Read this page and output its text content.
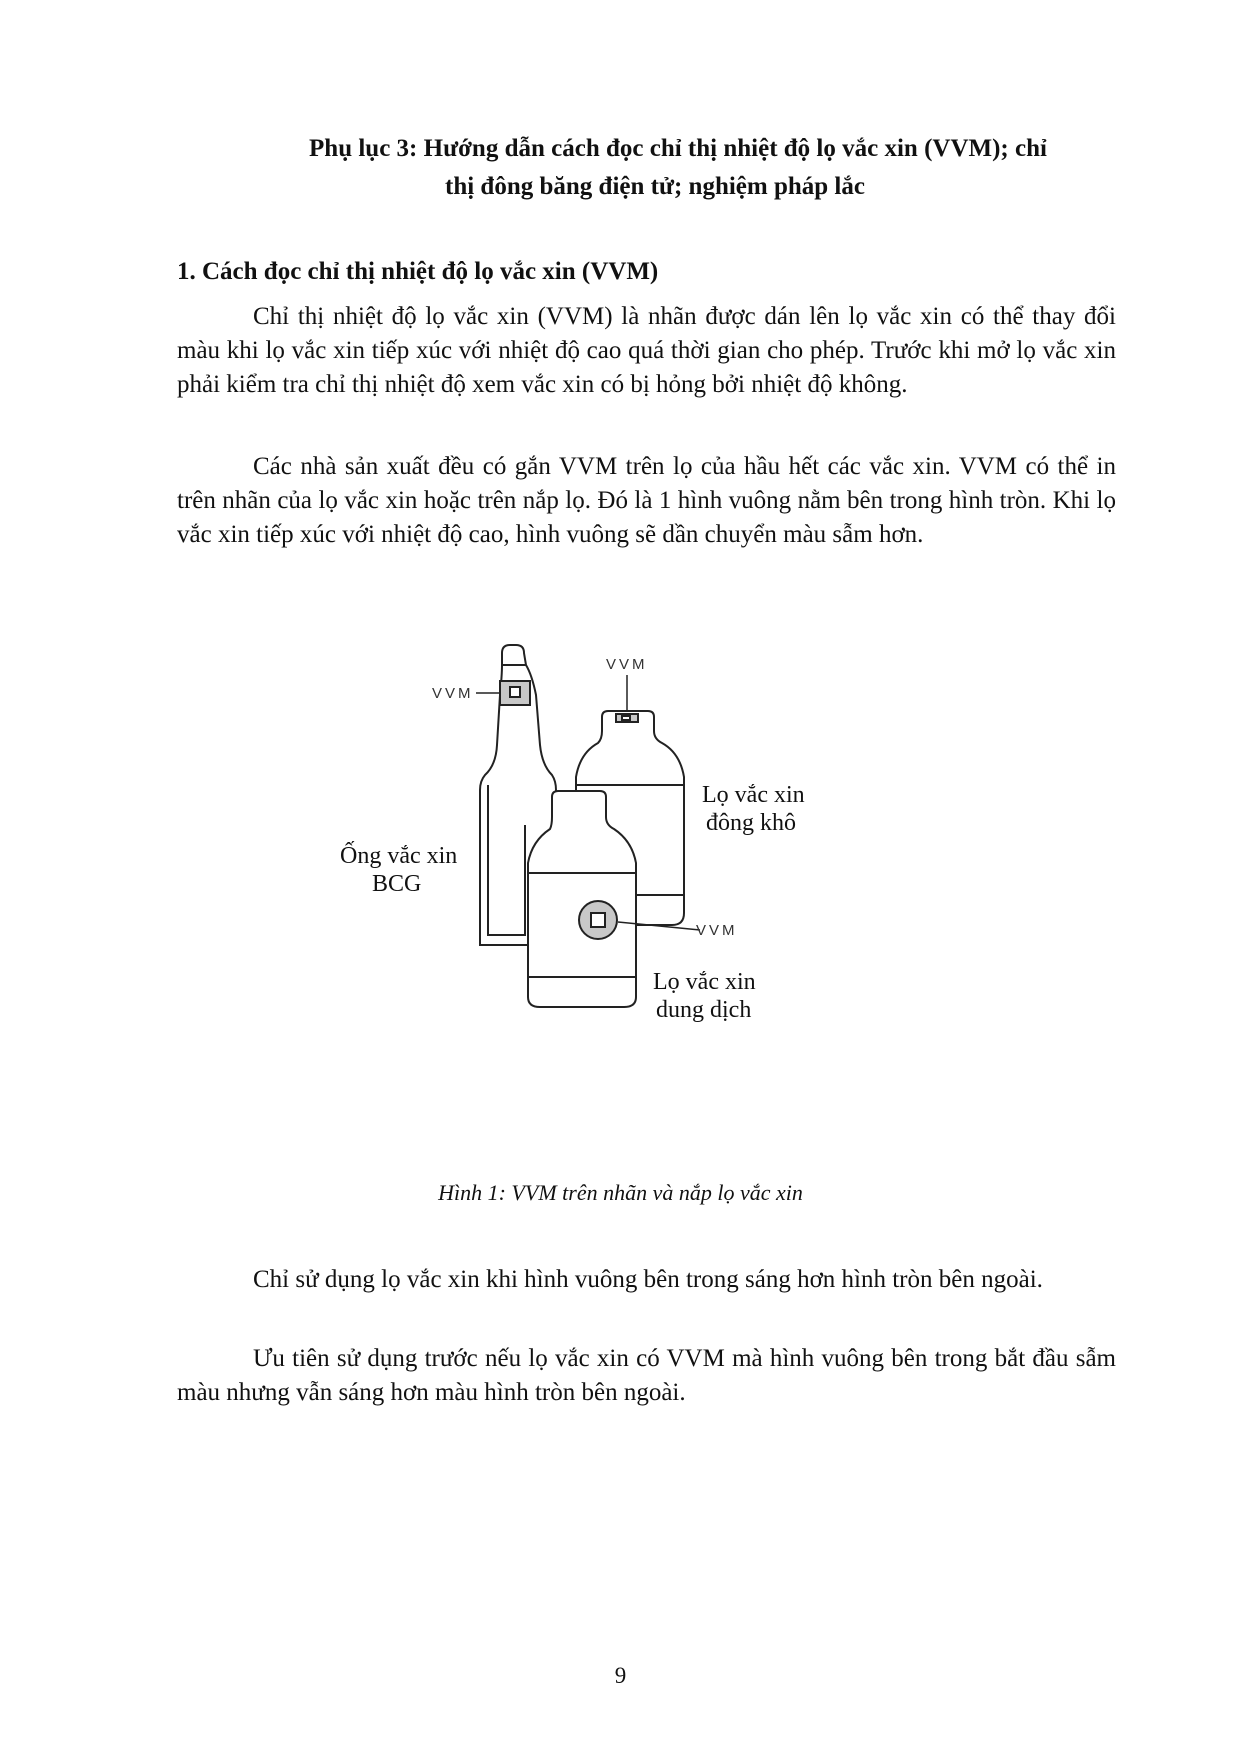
Phụ lục 3: Hướng dẫn cách đọc chỉ thị nhiệt độ lọ vắc xin (VVM); chỉ
thị đông băng điện tử; nghiệm pháp lắc
1. Cách đọc chỉ thị nhiệt độ lọ vắc xin (VVM)

Chỉ thị nhiệt độ lọ vắc xin (VVM) là nhãn được dán lên lọ vắc xin có thể thay đổi màu khi lọ vắc xin tiếp xúc với nhiệt độ cao quá thời gian cho phép. Trước khi mở lọ vắc xin phải kiểm tra chỉ thị nhiệt độ xem vắc xin có bị hỏng bởi nhiệt độ không.

Các nhà sản xuất đều có gắn VVM trên lọ của hầu hết các vắc xin. VVM có thể in trên nhãn của lọ vắc xin hoặc trên nắp lọ. Đó là 1 hình vuông nằm bên trong hình tròn. Khi lọ vắc xin tiếp xúc với nhiệt độ cao, hình vuông sẽ dần chuyển màu sẫm hơn.

VVM
VVM
VVM
Ống vắc xin
BCG
Lọ vắc xin
đông khô
Lọ vắc xin
dung dịch
Hình 1: VVM trên nhãn và nắp lọ vắc xin

Chỉ sử dụng lọ vắc xin khi hình vuông bên trong sáng hơn hình tròn bên ngoài.

Ưu tiên sử dụng trước nếu lọ vắc xin có VVM mà hình vuông bên trong bắt đầu sẫm màu nhưng vẫn sáng hơn màu hình tròn bên ngoài.

9
